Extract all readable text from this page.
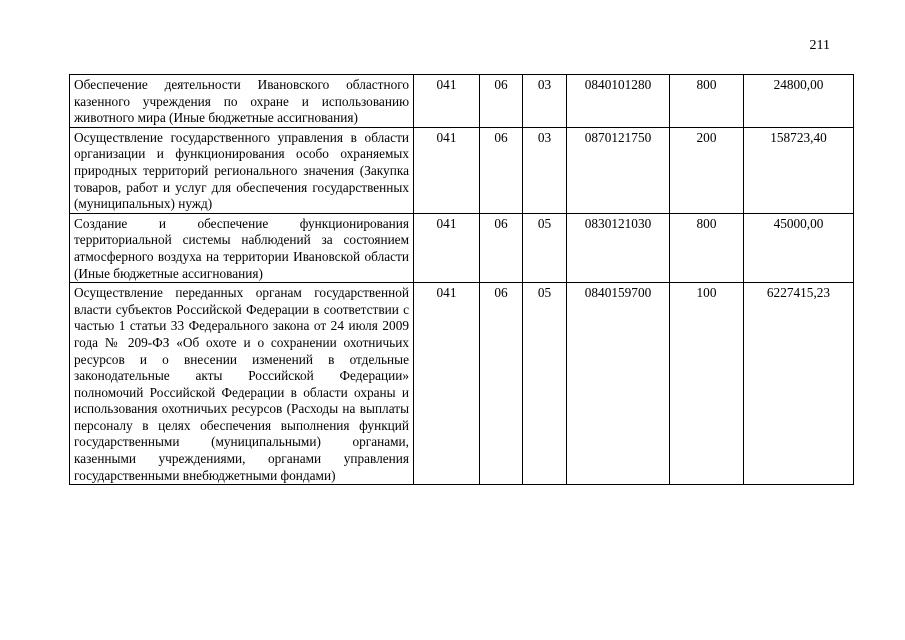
211
Обеспечение деятельности Ивановского областного казенного учреждения по охране и использованию животного мира (Иные бюджетные ассигнования)	041	06	03	0840101280	800	24800,00
Осуществление государственного управления в области организации и функционирования особо охраняемых природных территорий регионального значения (Закупка товаров, работ и услуг для обеспечения государственных (муниципальных) нужд)	041	06	03	0870121750	200	158723,40
Создание и обеспечение функционирования территориальной системы наблюдений за состоянием атмосферного воздуха на территории Ивановской области (Иные бюджетные ассигнования)	041	06	05	0830121030	800	45000,00
Осуществление переданных органам государственной власти субъектов Российской Федерации в соответствии с частью 1 статьи 33 Федерального закона от 24 июля 2009 года № 209-ФЗ «Об охоте и о сохранении охотничьих ресурсов и о внесении изменений в отдельные законодательные акты Российской Федерации» полномочий Российской Федерации в области охраны и использования охотничьих ресурсов (Расходы на выплаты персоналу в целях обеспечения выполнения функций государственными (муниципальными) органами, казенными учреждениями, органами управления государственными внебюджетными фондами)	041	06	05	0840159700	100	6227415,23
